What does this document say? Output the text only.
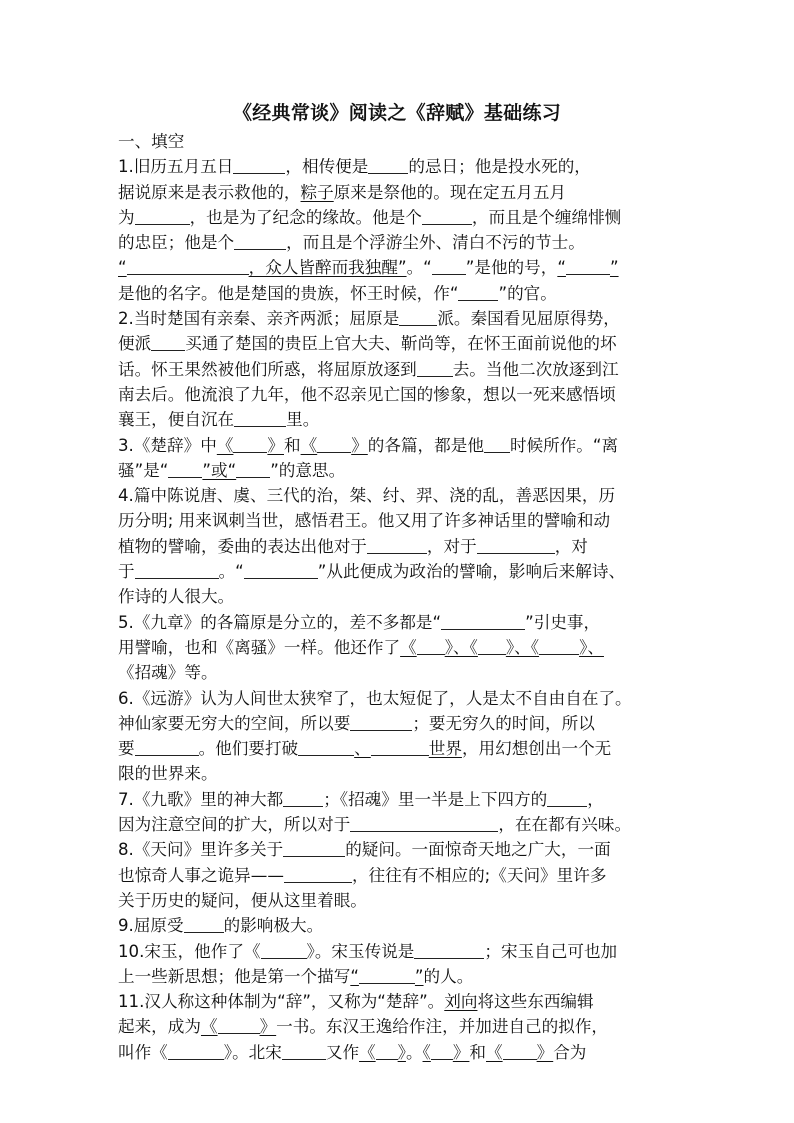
《经典常谈》阅读之《辞赋》基础练习

一、填空

1.旧历五月五日	，相传便是 的忌日；他是投水死的，
据说原来是表示救他的，粽子原来是祭他的。现在定五月五月
为	，也是为了纪念的缘故。他是个	，而且是个缠绵悱恻
的忠臣；他是个	，而且是个浮游尘外、清白不污的节士。
“	，众人皆醉而我独醒”。“ ”是他的号，“	”
是他的名字。他是楚国的贵族，怀王时候，作“ ”的官。
2.当时楚国有亲秦、亲齐两派；屈原是 派。秦国看见屈原得势，
便派 买通了楚国的贵臣上官大夫、靳尚等，在怀王面前说他的坏
话。怀王果然被他们所惑，将屈原放逐到 去。当他二次放逐到江
南去后。他流浪了九年，他不忍亲见亡国的惨象，想以一死来感悟顷
襄王，便自沉在	里。
3.《楚辞》中《 》和《 》的各篇，都是他 时候所作。“离
骚”是“ ”或“ ”的意思。
4.篇中陈说唐、虞、三代的治，桀、纣、羿、浇的乱，善恶因果，历
历分明; 用来讽刺当世，感悟君王。他又用了许多神话里的譬喻和动
植物的譬喻，委曲的表达出他对于	，对于	，对
于	。“	”从此便成为政治的譬喻，影响后来解诗、
作诗的人很大。
5.《九章》的各篇原是分立的，差不多都是“	”引史事，
用譬喻，也和《离骚》一样。他还作了《 》、《 》、《 》、
《招魂》等。
6.《远游》认为人间世太狭窄了，也太短促了，人是太不自由自在了。
神仙家要无穷大的空间，所以要	；要无穷久的时间，所以
要	。他们要打破	、	世界，用幻想创出一个无
限的世界来。
7.《九歌》里的神大都 ；《招魂》里一半是上下四方的 ，
因为注意空间的扩大，所以对于	，在在都有兴味。
8.《天问》里许多关于	的疑问。一面惊奇天地之广大，一面
也惊奇人事之诡异——	，往往有不相应的;《天问》里许多
关于历史的疑问，便从这里着眼。
9.屈原受 的影响极大。
10.宋玉，他作了《	》。宋玉传说是	；宋玉自己可也加
上一些新思想；他是第一个描写“	”的人。
11.汉人称这种体制为“辞”，又称为“楚辞”。刘向将这些东西编辑
起来，成为《	》一书。东汉王逸给作注，并加进自己的拟作，
叫作《	》。北宋	又作《 》。《 》和《 》合为
